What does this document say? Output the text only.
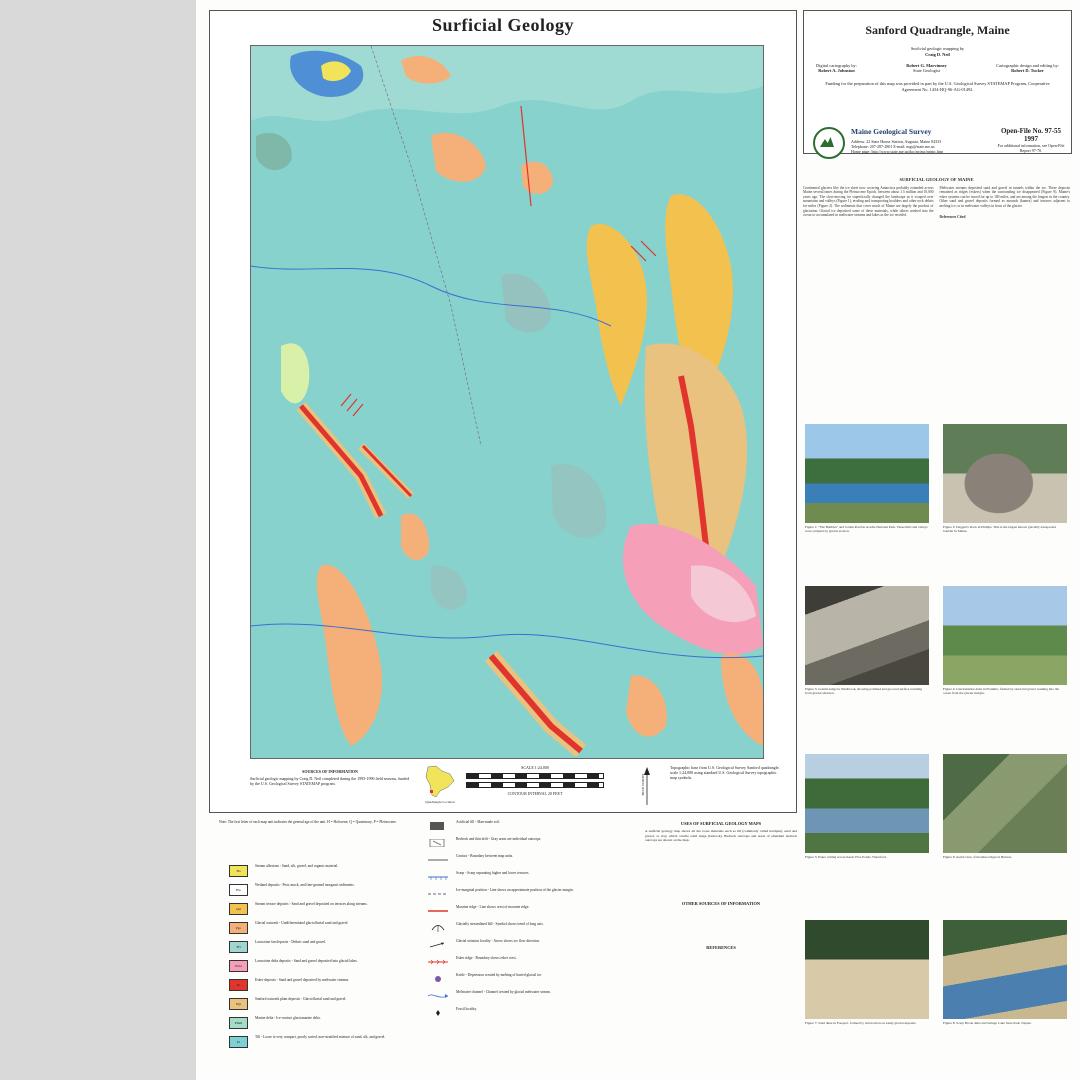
Surficial Geology
SOURCES OF INFORMATION

Surficial geologic mapping by Craig D. Neil completed during the 1995-1996 field seasons, funded by the U.S. Geological Survey STATEMAP program.

Quadrangle Location
SCALE 1:24,000
CONTOUR INTERVAL 20 FEET	TRUE NORTH
Topographic base from U.S. Geological Survey Sanford quadrangle, scale 1:24,000 using standard U.S. Geological Survey topographic map symbols.
Sanford Quadrangle, Maine
Surficial geologic mapping by
Craig D. Neil
Digital cartography by:
Robert A. Johnston
Robert G. Marvinney
State Geologist
Cartographic design and editing by:
Robert D. Tucker
Funding for the preparation of this map was provided in part by the U.S. Geological Survey STATEMAP Program, Cooperative Agreement No. 1434-HQ-96-AG-01492.
Maine Geological Survey
Address: 22 State House Station, Augusta, Maine 04333
Telephone: 207-287-2801 E-mail: mgs@state.me.us
Home page: http://www.state.me.us/doc/nrimc/nrimc.htm
Open-File No. 97-55
1997
For additional information, see Open-File Report 97-70.
SURFICIAL GEOLOGY OF MAINE
Continental glaciers like the ice sheet now covering Antarctica probably extended across Maine several times during the Pleistocene Epoch, between about 1.5 million and 10,000 years ago. The slow-moving ice superficially changed the landscape as it scraped over mountains and valleys (Figure 1), eroding and transporting boulders and other rock debris for miles (Figure 2). The sediments that cover much of Maine are largely the product of glaciation. Glacial ice deposited some of these materials, while others washed into the ocean or accumulated in meltwater streams and lakes as the ice receded.
Meltwater streams deposited sand and gravel in tunnels within the ice. These deposits remained as ridges (eskers) when the surrounding ice disappeared (Figure 9). Maine's esker systems can be traced for up to 100 miles, and are among the longest in the country. Other sand and gravel deposits formed as mounds (kames) and terraces adjacent to melting ice, or in meltwater valleys in front of the glacier.
References Cited
Figure 1: "The Bubbles" and Jordan Pond in Acadia National Park. These hills and valleys were sculpted by glacial erosion.
Figure 2: Daggett's Rock in Phillips. This is the largest known glacially transported boulder in Maine.
Figure 3: Granite ledge in Westbrook, showing polished and grooved surface resulting from glacial abrasion.
Figure 4: Glaciomarine delta in Franklin, formed by sand and gravel washing into the ocean from the glacier margin.
Figure 5: Esker cutting across Kezar Five Ponds, Waterford.	Figure 6: Aerial view of moraine ridges in Buxton.
Figure 7: Sand dune in Freeport, formed by wind action on sandy glacial deposits.	Figure 8: Scarp Brook delta and Sebago Lake State Park, Naples.
Note: The first letter of each map unit indicates the general age of the unit. H = Holocene; Q = Quaternary; P = Pleistocene.
Ha
Stream alluvium - Sand, silt, gravel, and organic material.
Hw
Wetland deposits - Peat, muck, and fine-grained inorganic sediments.
Qst
Stream terrace deposits - Sand and gravel deposited on terraces along streams.
Pgo
Glacial outwash - Undifferentiated glaciofluvial sand and gravel.
Pfl
Lacustrine fan deposits - Deltaic sand and gravel.
Pmd
Lacustrine delta deposits - Sand and gravel deposited into glacial lakes.
Pe
Esker deposits - Sand and gravel deposited by meltwater streams.
Pgs
Sanford outwash plain deposits - Glaciofluvial sand and gravel.
Pmm
Marine delta - Ice-contact glaciomarine delta.
Pt
Till - Loose to very compact, poorly sorted, non-stratified mixture of sand, silt, and gravel.
Artificial fill - Man-made soil.
Bedrock and thin drift - Gray areas are individual outcrops.
Contact - Boundary between map units.
Scarp - Scarp separating higher and lower terraces.
Ice-marginal position - Line shows an approximate position of the glacier margin.
Moraine ridge - Line shows crest of moraine ridge.
Glacially streamlined hill - Symbol shows trend of long axis.
Glacial striation locality - Arrow shows ice flow direction.
Esker ridge - Boundary shows esker crest.
Kettle - Depression created by melting of buried glacial ice.
Meltwater channel - Channel created by glacial meltwater stream.
Fossil locality.
USES OF SURFICIAL GEOLOGY MAPS

A surficial geology map shows all the loose materials such as till (commonly called hardpan), sand and gravel, or clay, which overlie solid ledge (bedrock). Bedrock outcrops and areas of abundant bedrock outcrops are shown on the map.

OTHER SOURCES OF INFORMATION
REFERENCES
